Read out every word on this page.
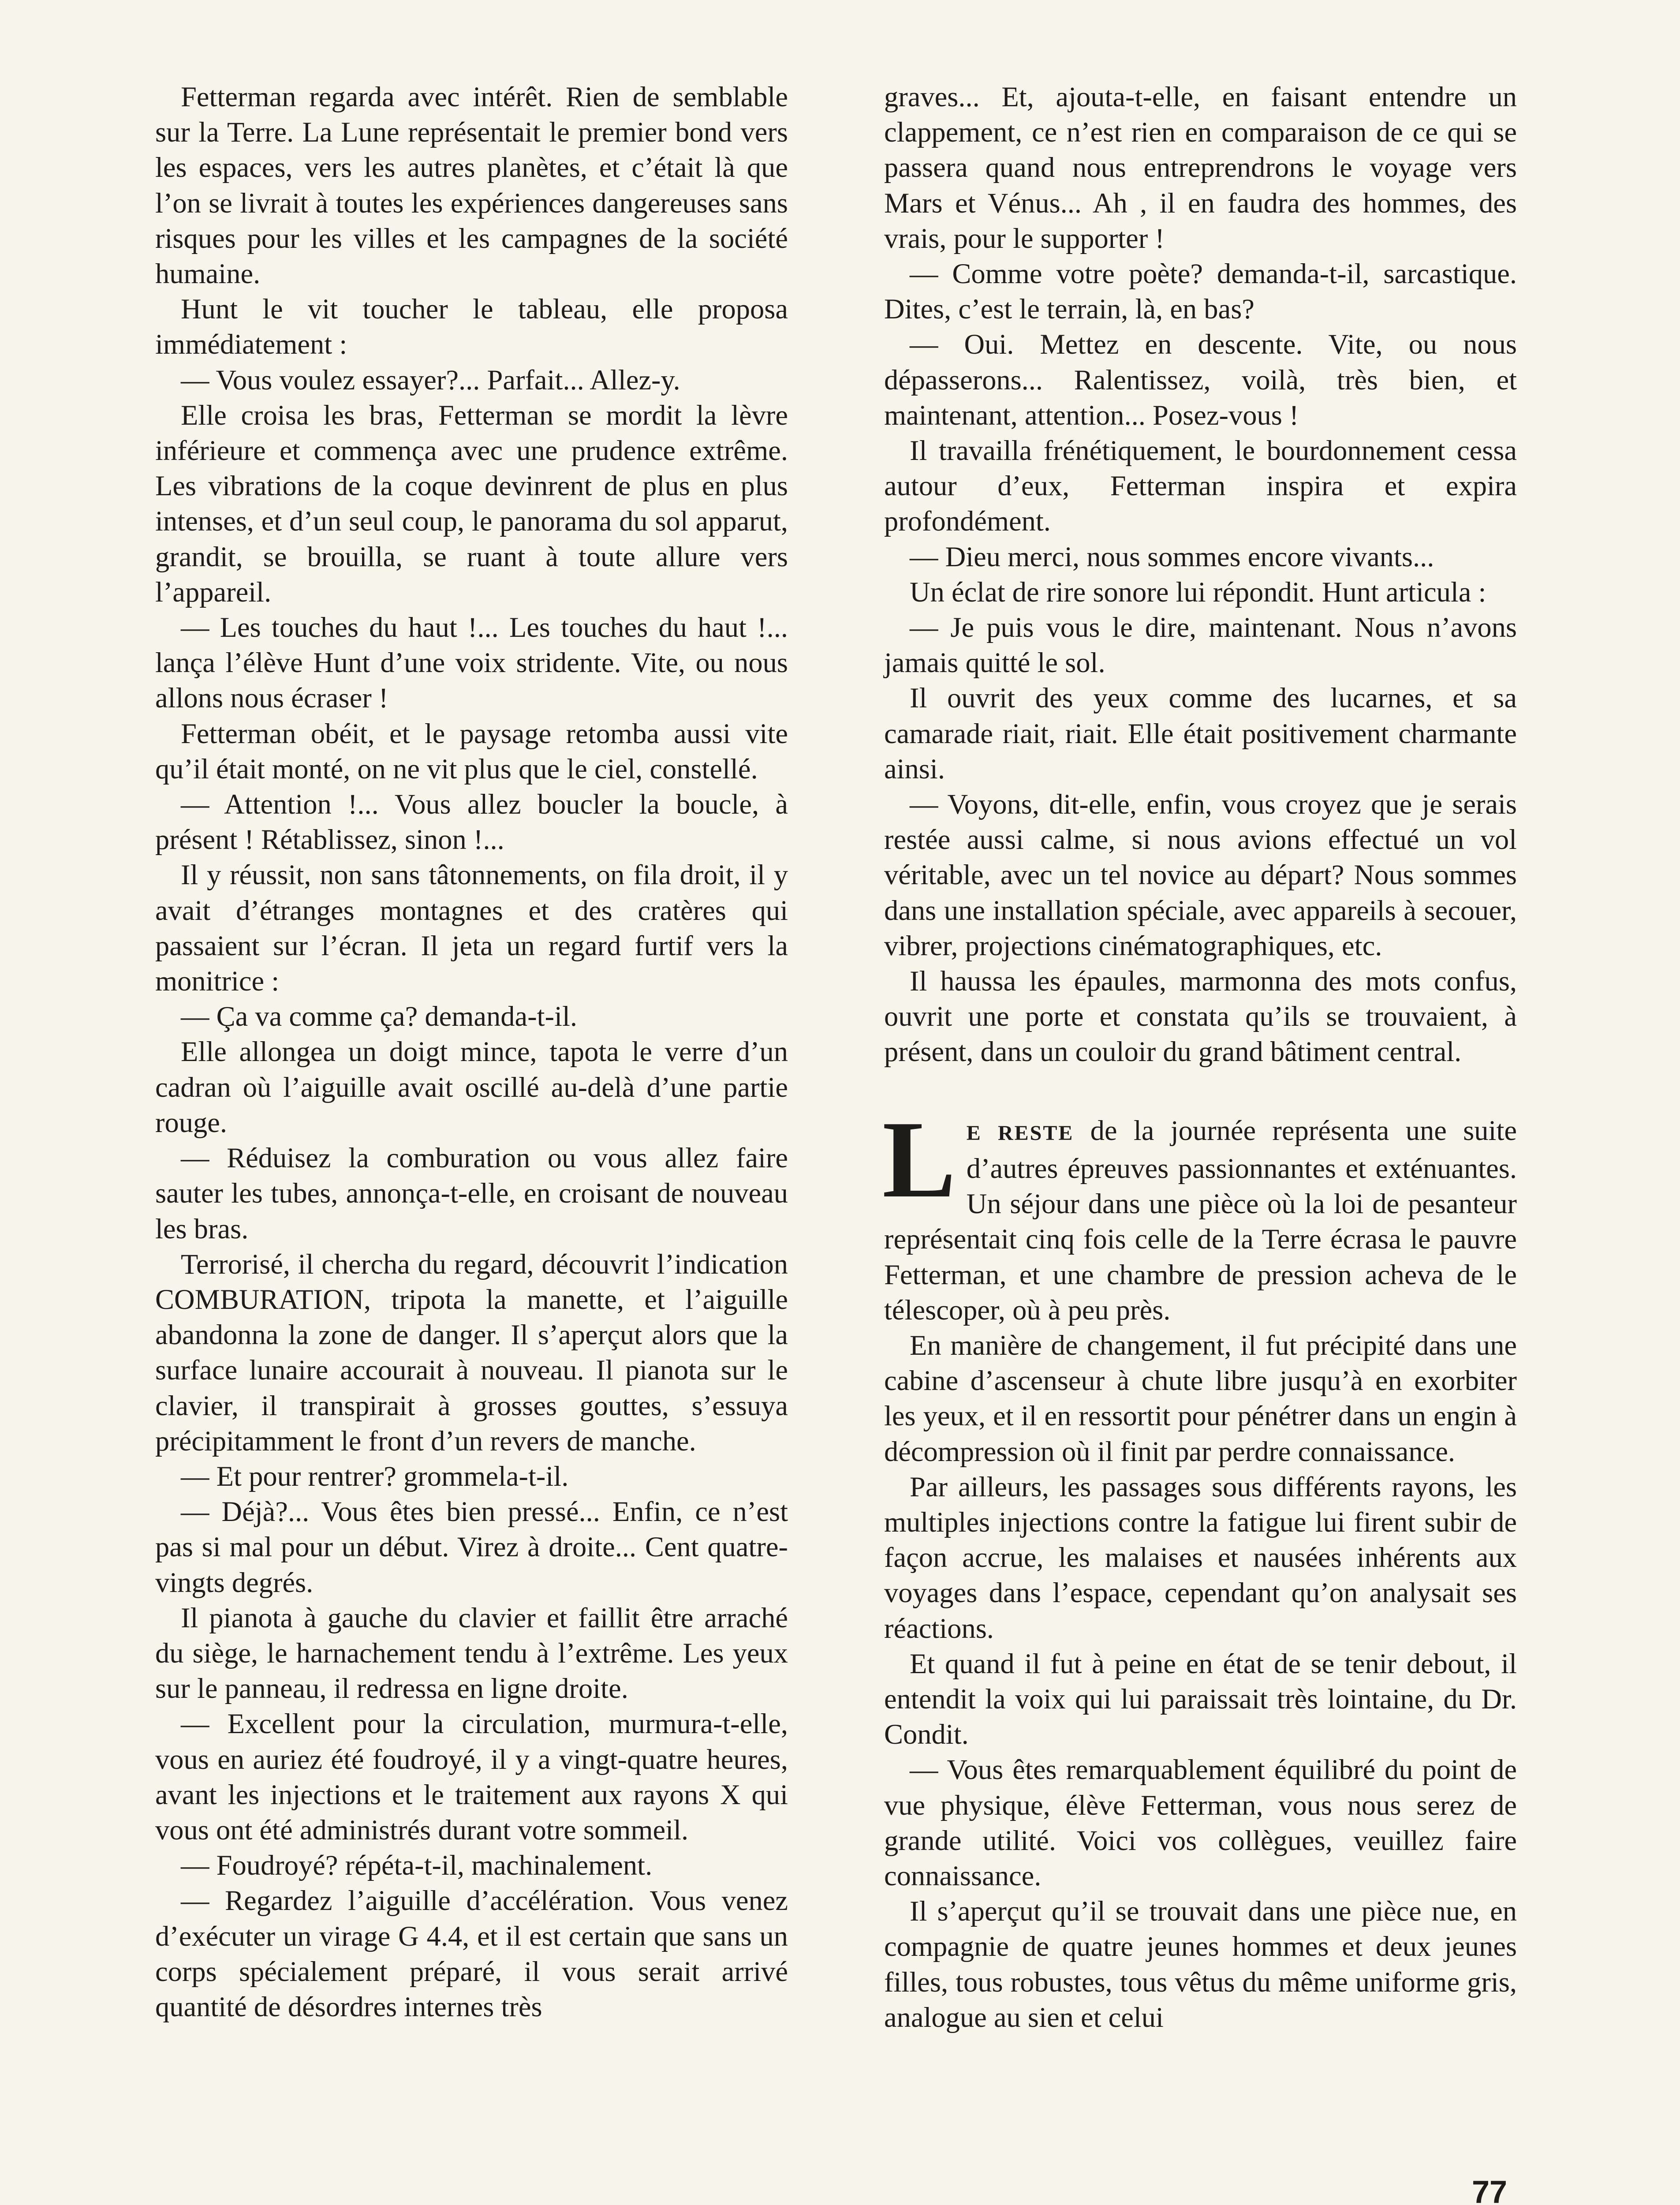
Fetterman regarda avec intérêt. Rien de semblable sur la Terre. La Lune représentait le premier bond vers les espaces, vers les autres planètes, et c’était là que l’on se livrait à toutes les expériences dangereuses sans risques pour les villes et les campagnes de la société humaine.

Hunt le vit toucher le tableau, elle proposa immédiatement :

— Vous voulez essayer?... Parfait... Allez-y.

Elle croisa les bras, Fetterman se mordit la lèvre inférieure et commença avec une prudence extrême. Les vibrations de la coque devinrent de plus en plus intenses, et d’un seul coup, le panorama du sol apparut, grandit, se brouilla, se ruant à toute allure vers l’appareil.

— Les touches du haut !... Les touches du haut !... lança l’élève Hunt d’une voix stridente. Vite, ou nous allons nous écraser !

Fetterman obéit, et le paysage retomba aussi vite qu’il était monté, on ne vit plus que le ciel, constellé.

— Attention !... Vous allez boucler la boucle, à présent ! Rétablissez, sinon !...

Il y réussit, non sans tâtonnements, on fila droit, il y avait d’étranges montagnes et des cratères qui passaient sur l’écran. Il jeta un regard furtif vers la monitrice :

— Ça va comme ça? demanda-t-il.

Elle allongea un doigt mince, tapota le verre d’un cadran où l’aiguille avait oscillé au-delà d’une partie rouge.

— Réduisez la comburation ou vous allez faire sauter les tubes, annonça-t-elle, en croisant de nouveau les bras.

Terrorisé, il chercha du regard, découvrit l’indication COMBURATION, tripota la manette, et l’aiguille abandonna la zone de danger. Il s’aperçut alors que la surface lunaire accourait à nouveau. Il pianota sur le clavier, il transpirait à grosses gouttes, s’essuya précipitamment le front d’un revers de manche.

— Et pour rentrer? grommela-t-il.

— Déjà?... Vous êtes bien pressé... Enfin, ce n’est pas si mal pour un début. Virez à droite... Cent quatre-vingts degrés.

Il pianota à gauche du clavier et faillit être arraché du siège, le harnachement tendu à l’extrême. Les yeux sur le panneau, il redressa en ligne droite.

— Excellent pour la circulation, murmura-t-elle, vous en auriez été foudroyé, il y a vingt-quatre heures, avant les injections et le traitement aux rayons X qui vous ont été administrés durant votre sommeil.

— Foudroyé? répéta-t-il, machinalement.

— Regardez l’aiguille d’accélération. Vous venez d’exécuter un virage G 4.4, et il est certain que sans un corps spécialement préparé, il vous serait arrivé quantité de désordres internes très

graves... Et, ajouta-t-elle, en faisant entendre un clappement, ce n’est rien en comparaison de ce qui se passera quand nous entreprendrons le voyage vers Mars et Vénus... Ah , il en faudra des hommes, des vrais, pour le supporter !

— Comme votre poète? demanda-t-il, sarcastique. Dites, c’est le terrain, là, en bas?

— Oui. Mettez en descente. Vite, ou nous dépasserons... Ralentissez, voilà, très bien, et maintenant, attention... Posez-vous !

Il travailla frénétiquement, le bourdonnement cessa autour d’eux, Fetterman inspira et expira profondément.

— Dieu merci, nous sommes encore vivants...

Un éclat de rire sonore lui répondit. Hunt articula :

— Je puis vous le dire, maintenant. Nous n’avons jamais quitté le sol.

Il ouvrit des yeux comme des lucarnes, et sa camarade riait, riait. Elle était positivement charmante ainsi.

— Voyons, dit-elle, enfin, vous croyez que je serais restée aussi calme, si nous avions effectué un vol véritable, avec un tel novice au départ? Nous sommes dans une installation spéciale, avec appareils à secouer, vibrer, projections cinématographiques, etc.

Il haussa les épaules, marmonna des mots confus, ouvrit une porte et constata qu’ils se trouvaient, à présent, dans un couloir du grand bâtiment central.

L E RESTE de la journée représenta une suite d’autres épreuves passionnantes et exténuantes. Un séjour dans une pièce où la loi de pesanteur représentait cinq fois celle de la Terre écrasa le pauvre Fetterman, et une chambre de pression acheva de le télescoper, où à peu près.

En manière de changement, il fut précipité dans une cabine d’ascenseur à chute libre jusqu’à en exorbiter les yeux, et il en ressortit pour pénétrer dans un engin à décompression où il finit par perdre connaissance.

Par ailleurs, les passages sous différents rayons, les multiples injections contre la fatigue lui firent subir de façon accrue, les malaises et nausées inhérents aux voyages dans l’espace, cependant qu’on analysait ses réactions.

Et quand il fut à peine en état de se tenir debout, il entendit la voix qui lui paraissait très lointaine, du Dr. Condit.

— Vous êtes remarquablement équilibré du point de vue physique, élève Fetterman, vous nous serez de grande utilité. Voici vos collègues, veuillez faire connaissance.

Il s’aperçut qu’il se trouvait dans une pièce nue, en compagnie de quatre jeunes hommes et deux jeunes filles, tous robustes, tous vêtus du même uniforme gris, analogue au sien et celui

77
